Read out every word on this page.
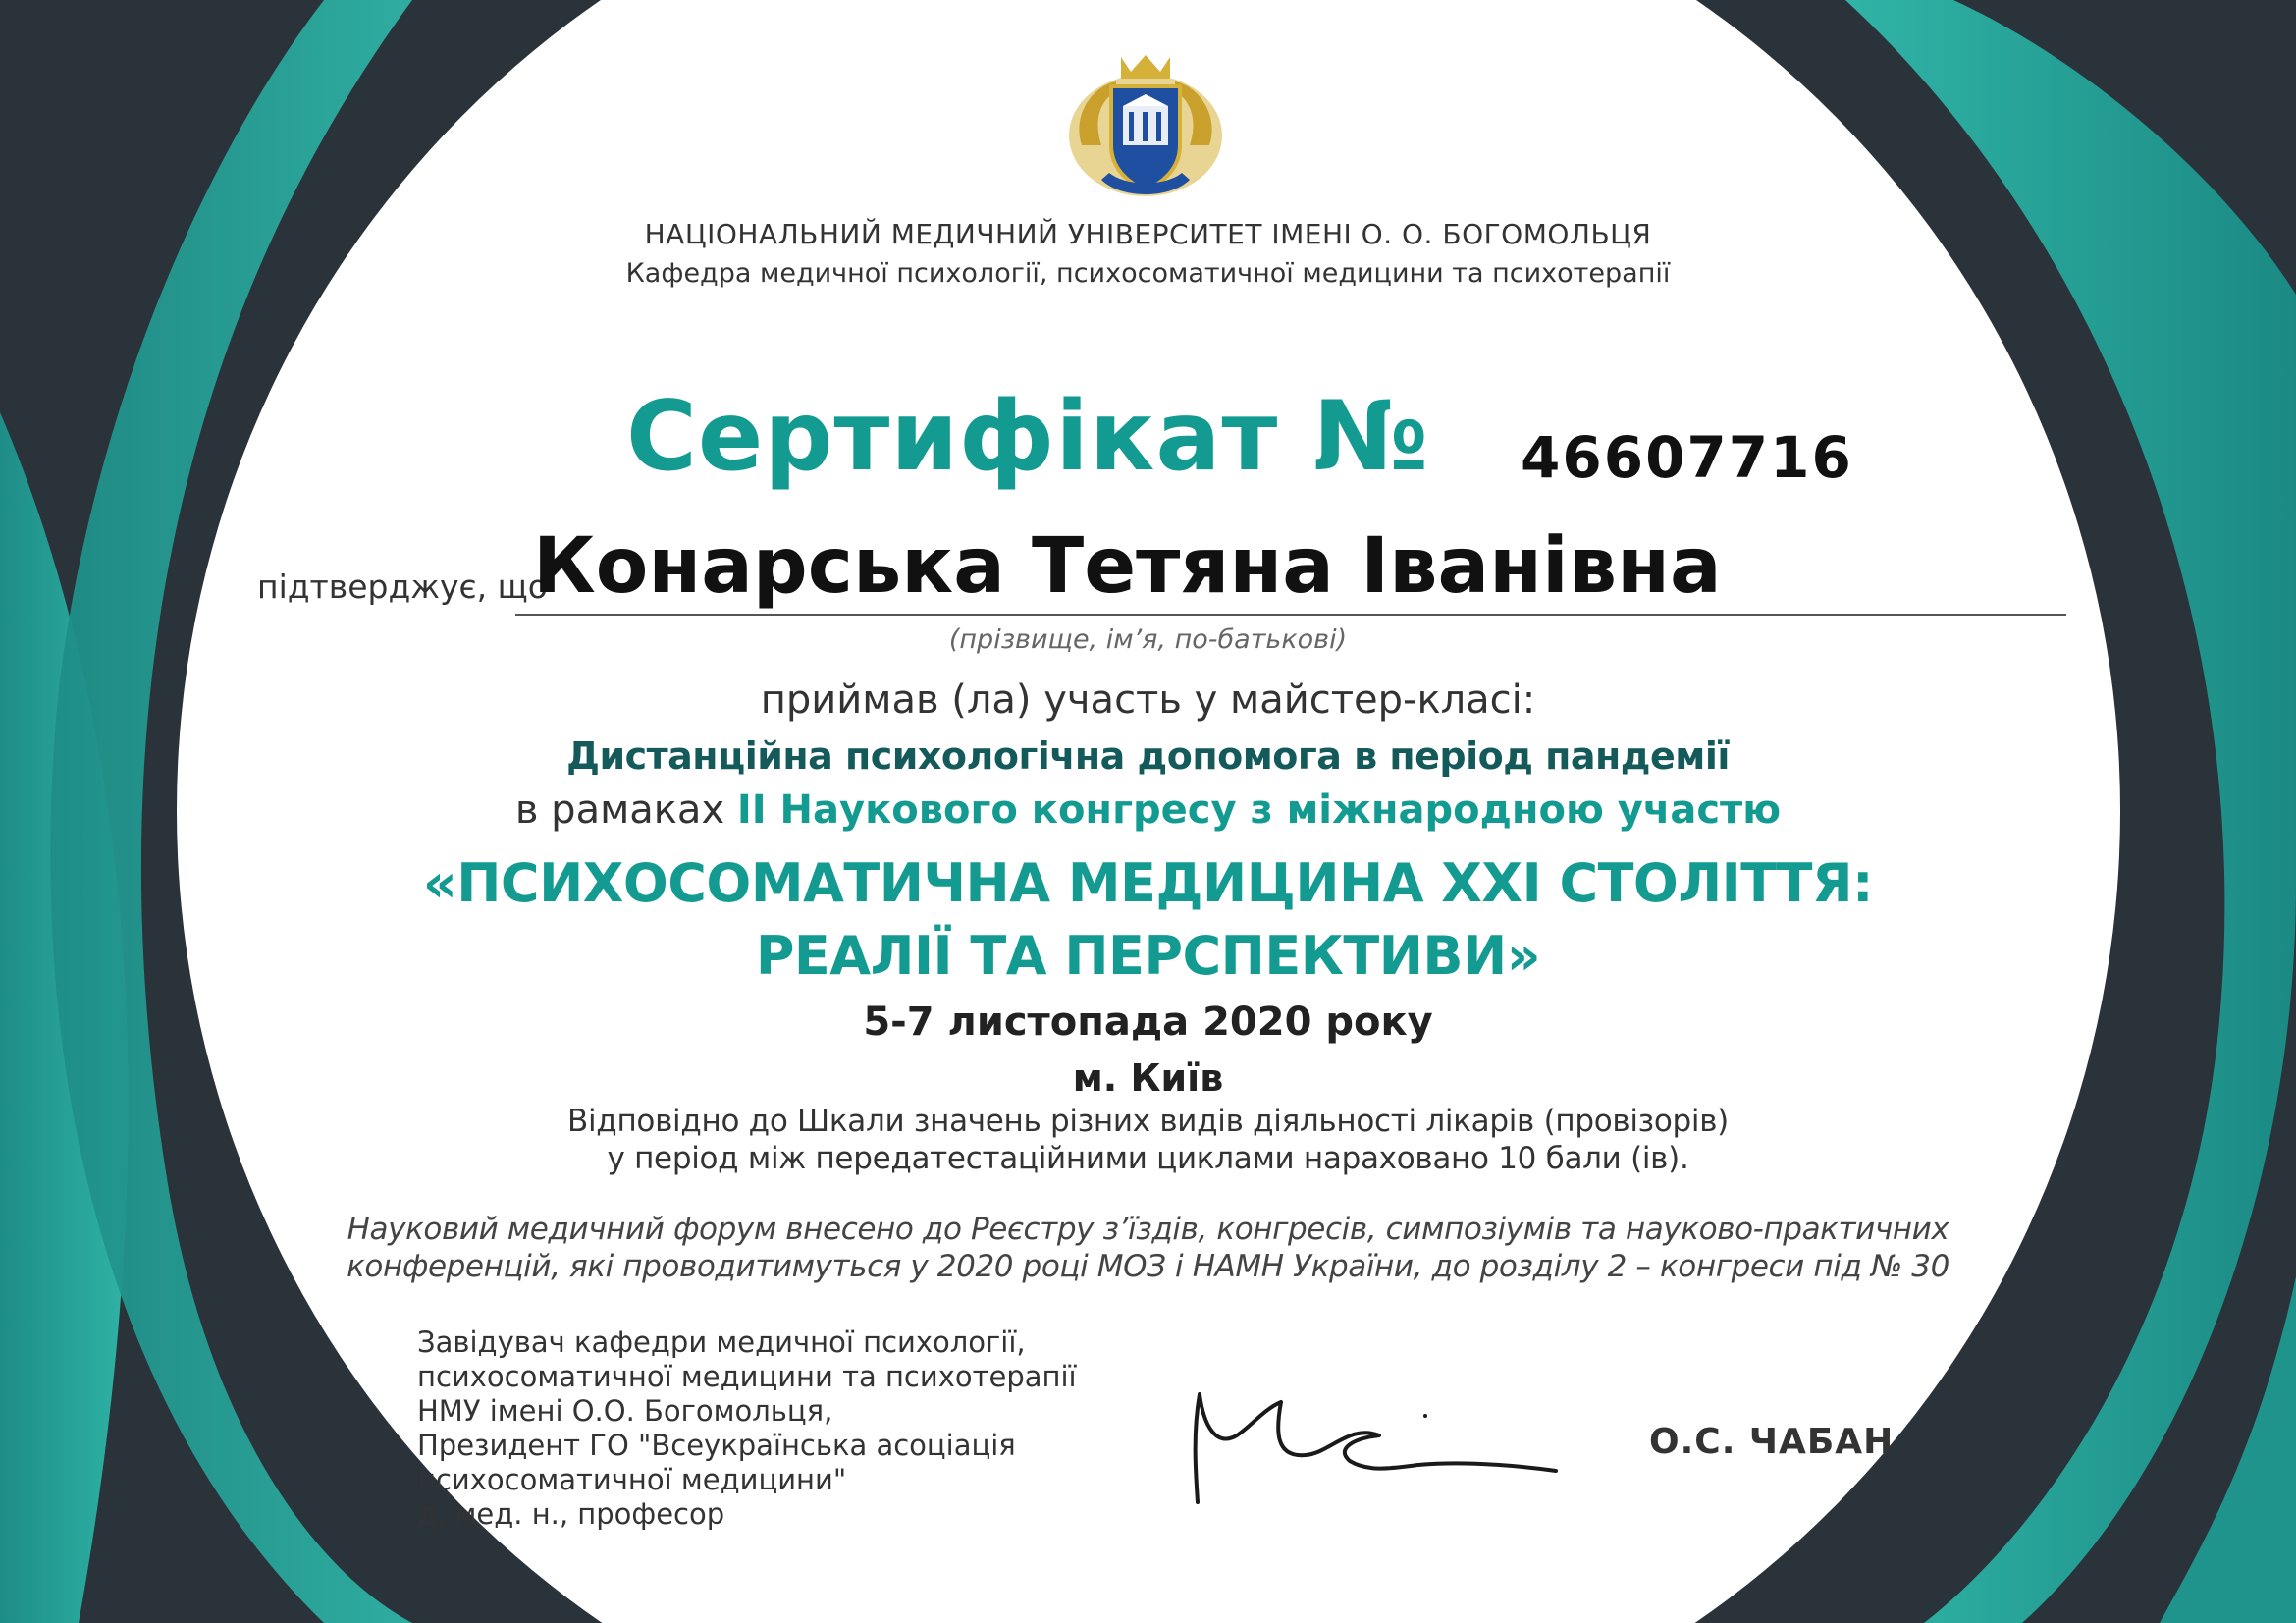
НАЦІОНАЛЬНИЙ МЕДИЧНИЙ УНІВЕРСИТЕТ ІМЕНІ О. О. БОГОМОЛЬЦЯ
Кафедра медичної психології, психосоматичної медицини та психотерапії
Сертифікат № 46607716
підтверджує, що
Конарська Тетяна Іванівна
(прізвище, ім’я, по-батькові)
приймав (ла) участь у майстер-класі:
Дистанційна психологічна допомога в період пандемії
в рамаках ІІ Наукового конгресу з міжнародною участю
«ПСИХОСОМАТИЧНА МЕДИЦИНА ХХІ СТОЛІТТЯ:
РЕАЛІЇ ТА ПЕРСПЕКТИВИ»
5-7 листопада 2020 року
м. Київ
Відповідно до Шкали значень різних видів діяльності лікарів (провізорів)
у період між передатестаційними циклами нараховано 10 бали (ів).
Науковий медичний форум внесено до Реєстру з’їздів, конгресів, симпозіумів та науково-практичних
конференцій, які проводитимуться у 2020 році МОЗ і НАМН України, до розділу 2 – конгреси під № 30
Завідувач кафедри медичної психології,
психосоматичної медицини та психотерапії
НМУ імені О.О. Богомольця,
Президент ГО "Всеукраїнська асоціація
психосоматичної медицини"
д. мед. н., професор
О.С. ЧАБАН
